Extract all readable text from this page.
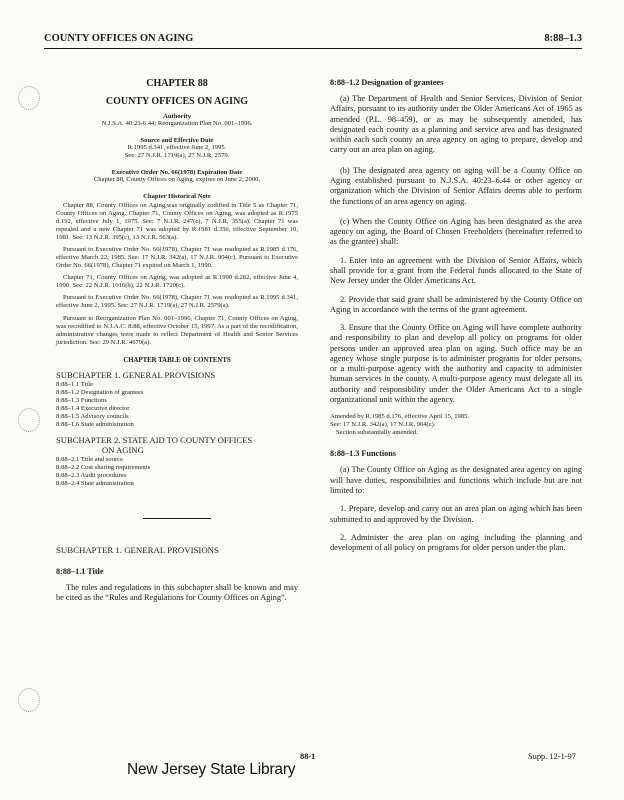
COUNTY OFFICES ON AGING	8:88–1.3

CHAPTER 88

COUNTY OFFICES ON AGING

Authority

N.J.S.A. 40:23-6.44; Reorganization Plan No. 001–1996.

Source and Effective Date

R.1995 d.341, effective June 2, 1995.

See: 27 N.J.R. 1719(a), 27 N.J.R. 2579.

Executive Order No. 66(1978) Expiration Date

Chapter 88, County Offices on Aging, expires on June 2, 2000.

Chapter Historical Note

Chapter 88, County Offices on Aging,was originally codified in Title 5 as Chapter 71, County Offices on Aging. Chapter 71, County Offices on Aging, was adopted as R.1975 d.192, effective July 1, 1975. See: 7 N.J.R. 247(c), 7 N.J.R. 355(a). Chapter 71 was repealed and a new Chapter 71 was adopted by R.1981 d.356, effective September 10, 1981. See: 13 N.J.R. 395(c), 13 N.J.R. 563(a).

Pursuant to Executive Order No. 66(1978), Chapter 71 was readopted as R.1985 d.176, effective March 22, 1985. See: 17 N.J.R. 342(a), 17 N.J.R. 904(c). Pursuant to Executive Order No. 66(1978), Chapter 71 expired on March 1, 1990.

Chapter 71, County Offices on Aging, was adopted as R.1990 d.282, effective June 4, 1990. See: 22 N.J.R. 1016(b), 22 N.J.R. 1720(c).

Pursuant to Executive Order No. 66(1978), Chapter 71 was readopted as R.1995 d.341, effective June 2, 1995. See: 27 N.J.R. 1719(a), 27 N.J.R. 2579(a).

Pursuant to Reorganization Plan No. 001–1996, Chapter 71, County Offices on Aging, was recodified to N.J.A.C. 8:88, effective October 15, 1997. As a part of the recodification, administrative changes were made to reflect Department of Health and Senior Services jurisdiction. See: 29 N.J.R. 4679(a).

CHAPTER TABLE OF CONTENTS

SUBCHAPTER 1. GENERAL PROVISIONS

8:88–1.1 Title
8:88–1.2 Designation of grantees
8:88–1.3 Functions
8:88–1.4 Executive director
8:88–1.5 Advisory councils
8:88–1.6 State administration

SUBCHAPTER 2. STATE AID TO COUNTY OFFICES
ON AGING

8:88–2.1 Title and source
8:88–2.2 Cost sharing requirements
8:88–2.3 Audit procedures
8:88–2.4 State administration

SUBCHAPTER 1. GENERAL PROVISIONS

8:88–1.1 Title

The rules and regulations in this subchapter shall be known and may be cited as the “Rules and Regulations for County Offices on Aging”.

8:88–1.2 Designation of grantees

(a) The Department of Health and Senior Services, Division of Senior Affairs, pursuant to its authority under the Older Americans Act of 1965 as amended (P.L. 98–459), or as may be subsequently amended, has designated each county as a planning and service area and has designated within each such county an area agency on aging to prepare, develop and carry out an area plan on aging.

(b) The designated area agency on aging will be a County Office on Aging established pursuant to N.J.S.A. 40:23–6.44 or other agency or organization which the Division of Senior Affairs deems able to perform the functions of an area agency on aging.

(c) When the County Office on Aging has been designated as the area agency on aging, the Board of Chosen Freeholders (hereinafter referred to as the grantee) shall:

1. Enter into an agreement with the Division of Senior Affairs, which shall provide for a grant from the Federal funds allocated to the State of New Jersey under the Older Americans Act.

2. Provide that said grant shall be administered by the County Office on Aging in accordance with the terms of the grant agreement.

3. Ensure that the County Office on Aging will have complete authority and responsibility to plan and develop all policy on programs for older persons under an approved area plan on aging. Such office may be an agency whose single purpose is to administer programs for older persons, or a multi-purpose agency with the authority and capacity to administer human services in the county. A multi-purpose agency must delegate all its authority and responsibility under the Older Americans Act to a single organizational unit within the agency.

Amended by R.1985 d.176, effective April 15, 1985.
See: 17 N.J.R. 342(a), 17 N.J.R. 904(c).
Section substantially amended.

8:88–1.3 Functions

(a) The County Office on Aging as the designated area agency on aging will have duties, responsibilities and functions which include but are not limited to:

1. Prepare, develop and carry out an area plan on aging which has been submitted to and approved by the Division.

2. Administer the area plan on aging including the planning and development of all policy on programs for older person under the plan.

88-1	Supp. 12-1-97
New Jersey State Library
